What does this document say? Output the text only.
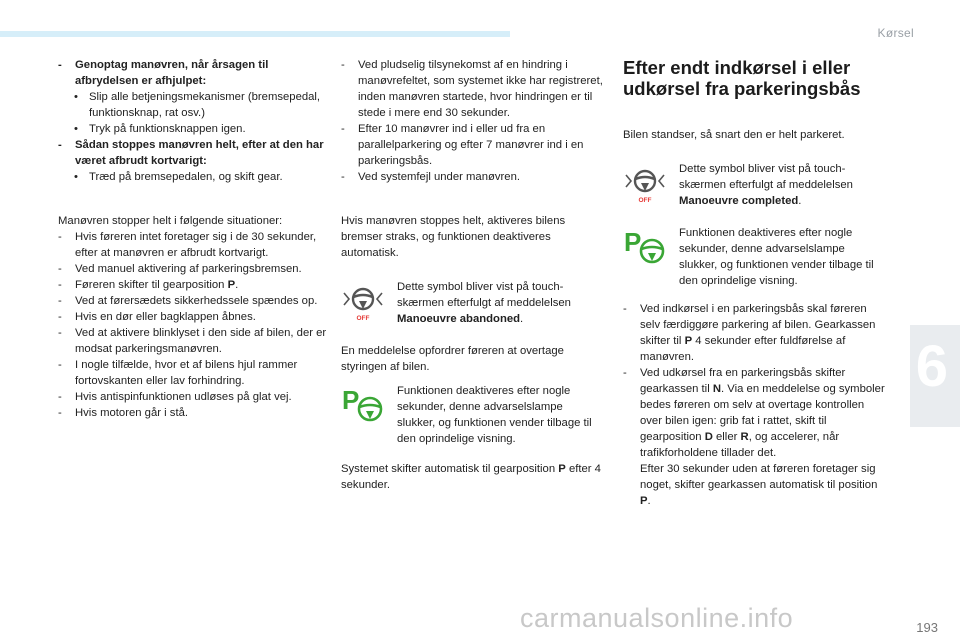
Kørsel
6
193
carmanualsonline.info
- Genoptag manøvren, når årsagen til afbrydelsen er afhjulpet:
• Slip alle betjeningsmekanismer (bremsepedal, funktionsknap, rat osv.)
• Tryk på funktionsknappen igen.
- Sådan stoppes manøvren helt, efter at den har været afbrudt kortvarigt:
• Træd på bremsepedalen, og skift gear.
Manøvren stopper helt i følgende situationer:
- Hvis føreren intet foretager sig i de 30 sekunder, efter at manøvren er afbrudt kortvarigt.
- Ved manuel aktivering af parkeringsbremsen.
- Føreren skifter til gearposition P.
- Ved at førersædets sikkerhedssele spændes op.
- Hvis en dør eller bagklappen åbnes.
- Ved at aktivere blinklyset i den side af bilen, der er modsat parkeringsmanøvren.
- I nogle tilfælde, hvor et af bilens hjul rammer fortovskanten eller lav forhindring.
- Hvis antispinfunktionen udløses på glat vej.
- Hvis motoren går i stå.
- Ved pludselig tilsynekomst af en hindring i manøvrefeltet, som systemet ikke har registreret, inden manøvren startede, hvor hindringen er til stede i mere end 30 sekunder.
- Efter 10 manøvrer ind i eller ud fra en parallelparkering og efter 7 manøvrer ind i en parkeringsbås.
- Ved systemfejl under manøvren.
Hvis manøvren stoppes helt, aktiveres bilens bremser straks, og funktionen deaktiveres automatisk.
OFF
Dette symbol bliver vist på touch-skærmen efterfulgt af meddelelsen Manoeuvre abandoned.
En meddelelse opfordrer føreren at overtage styringen af bilen.
P	Funktionen deaktiveres efter nogle sekunder, denne advarselslampe slukker, og funktionen vender tilbage til den oprindelige visning.
Systemet skifter automatisk til gearposition P efter 4 sekunder.
Efter endt indkørsel i eller udkørsel fra parkeringsbås
Bilen standser, så snart den er helt parkeret.
OFF
Dette symbol bliver vist på touch-skærmen efterfulgt af meddelelsen Manoeuvre completed.
P	Funktionen deaktiveres efter nogle sekunder, denne advarselslampe slukker, og funktionen vender tilbage til den oprindelige visning.
- Ved indkørsel i en parkeringsbås skal føreren selv færdiggøre parkering af bilen. Gearkassen skifter til P 4 sekunder efter fuldførelse af manøvren.
- Ved udkørsel fra en parkeringsbås skifter gearkassen til N. Via en meddelelse og symboler bedes føreren om selv at overtage kontrollen over bilen igen: grib fat i rattet, skift til gearposition D eller R, og accelerer, når trafikforholdene tillader det.
Efter 30 sekunder uden at føreren foretager sig noget, skifter gearkassen automatisk til position P.
